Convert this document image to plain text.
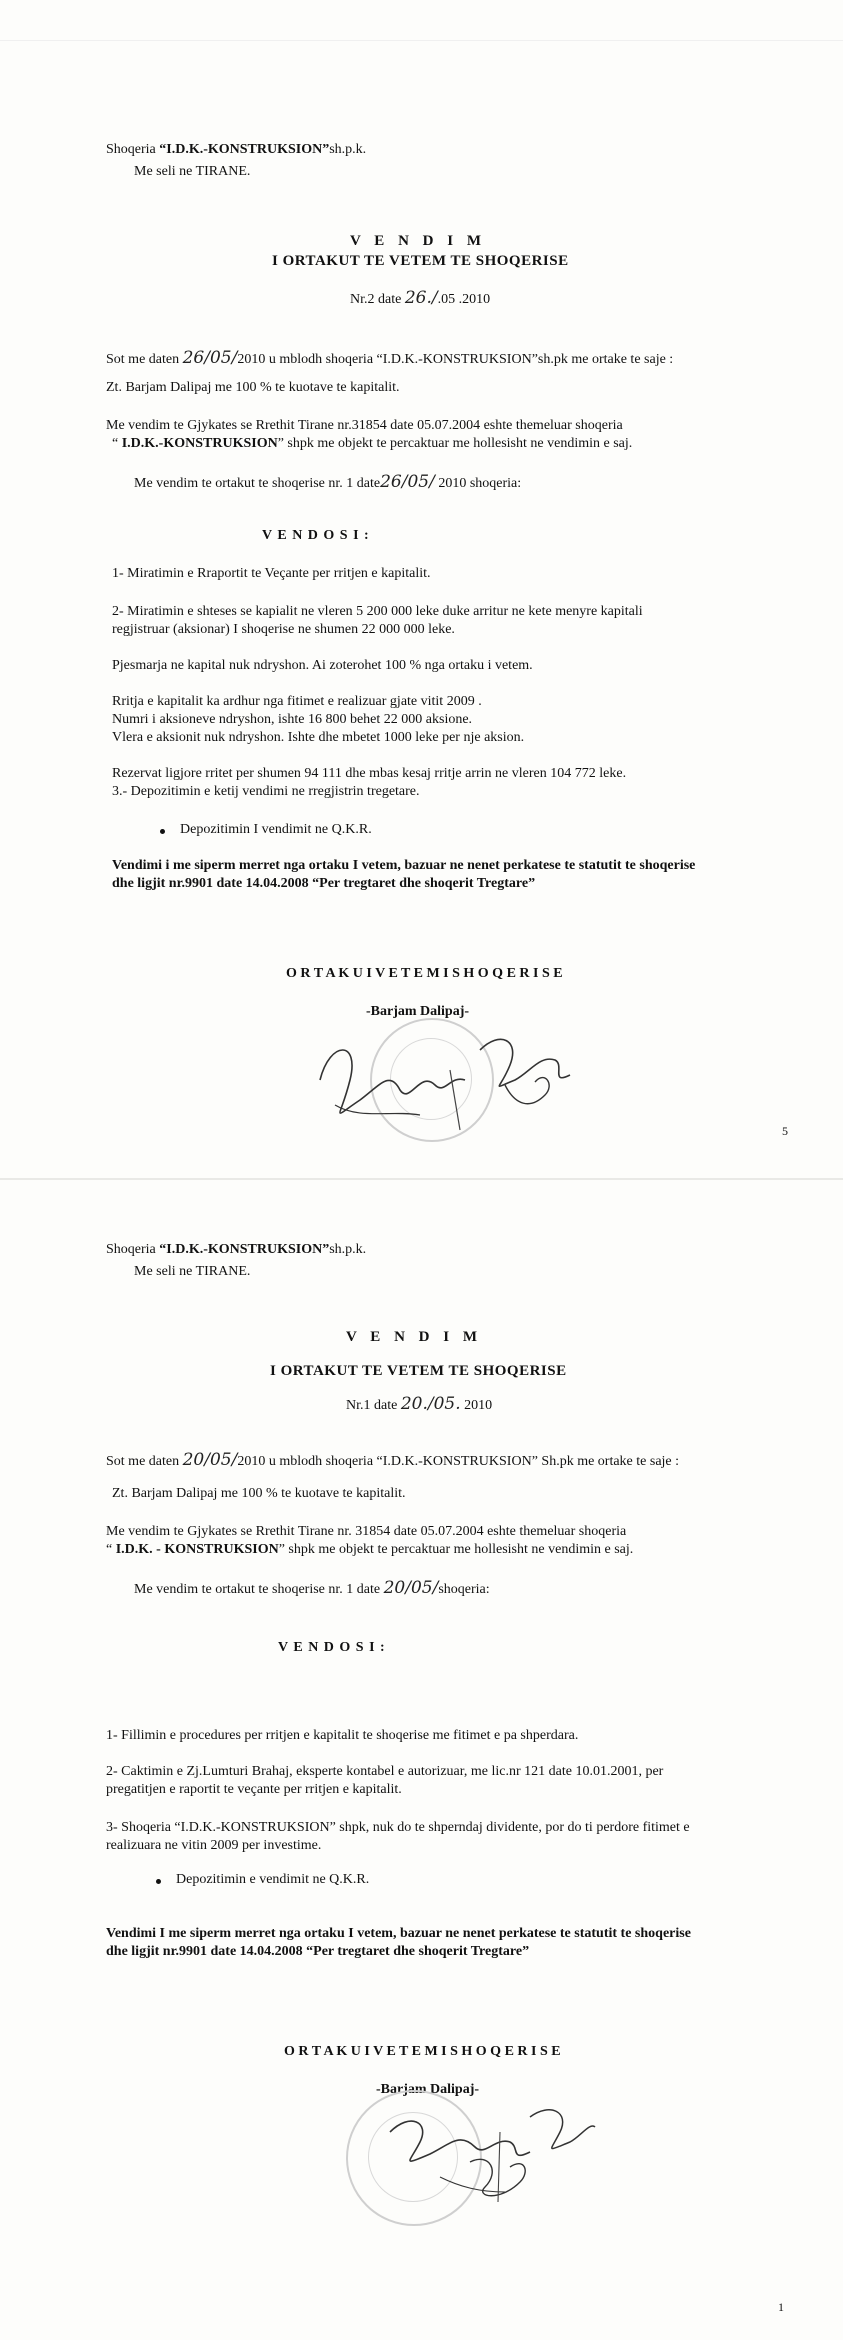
Shoqeria “I.D.K.-KONSTRUKSION”sh.p.k.
Me seli ne TIRANE.
V E N D I M
I ORTAKUT TE VETEM TE SHOQERISE
Nr.2 date 26./.05 .2010
Sot me daten 26/05/2010 u mblodh shoqeria “I.D.K.-KONSTRUKSION”sh.pk me ortake te saje :
Zt. Barjam Dalipaj me 100 % te kuotave te kapitalit.
Me vendim te Gjykates se Rrethit Tirane nr.31854 date 05.07.2004 eshte themeluar shoqeria
“ I.D.K.-KONSTRUKSION” shpk me objekt te percaktuar me hollesisht ne vendimin e saj.
Me vendim te ortakut te shoqerise nr. 1 date26/05/ 2010 shoqeria:
V E N D O S I :
1- Miratimin e Rraportit te Veçante per rritjen e kapitalit.
2- Miratimin e shteses se kapialit ne vleren 5 200 000 leke duke arritur ne kete menyre kapitali
regjistruar (aksionar) I shoqerise ne shumen 22 000 000 leke.
Pjesmarja ne kapital nuk ndryshon. Ai zoterohet 100 % nga ortaku i vetem.
Rritja e kapitalit ka ardhur nga fitimet e realizuar gjate vitit 2009 .
Numri i aksioneve ndryshon, ishte 16 800 behet 22 000 aksione.
Vlera e aksionit nuk ndryshon. Ishte dhe mbetet 1000 leke per nje aksion.
Rezervat ligjore rritet per shumen 94 111 dhe mbas kesaj rritje arrin ne vleren 104 772 leke.
3.- Depozitimin e ketij vendimi ne rregjistrin tregetare.
Depozitimin I vendimit ne Q.K.R.
Vendimi i me siperm merret nga ortaku I vetem, bazuar ne nenet perkatese te statutit te shoqerise
dhe ligjit nr.9901 date 14.04.2008 “Per tregtaret dhe shoqerit Tregtare”
O R T A K U I V E T E M I S H O Q E R I S E
-Barjam Dalipaj-
5
Shoqeria “I.D.K.-KONSTRUKSION”sh.p.k.
Me seli ne TIRANE.
V E N D I M
I ORTAKUT TE VETEM TE SHOQERISE
Nr.1 date 20./05. 2010
Sot me daten 20/05/2010 u mblodh shoqeria “I.D.K.-KONSTRUKSION” Sh.pk me ortake te saje :
Zt. Barjam Dalipaj me 100 % te kuotave te kapitalit.
Me vendim te Gjykates se Rrethit Tirane nr. 31854 date 05.07.2004 eshte themeluar shoqeria
“ I.D.K. - KONSTRUKSION” shpk me objekt te percaktuar me hollesisht ne vendimin e saj.
Me vendim te ortakut te shoqerise nr. 1 date 20/05/shoqeria:
V E N D O S I :
1- Fillimin e procedures per rritjen e kapitalit te shoqerise me fitimet e pa shperdara.
2- Caktimin e Zj.Lumturi Brahaj, eksperte kontabel e autorizuar, me lic.nr 121 date 10.01.2001, per
pregatitjen e raportit te veçante per rritjen e kapitalit.
3- Shoqeria “I.D.K.-KONSTRUKSION” shpk, nuk do te shperndaj dividente, por do ti perdore fitimet e
realizuara ne vitin 2009 per investime.
Depozitimin e vendimit ne Q.K.R.
Vendimi I me siperm merret nga ortaku I vetem, bazuar ne nenet perkatese te statutit te shoqerise
dhe ligjit nr.9901 date 14.04.2008 “Per tregtaret dhe shoqerit Tregtare”
O R T A K U I V E T E M I S H O Q E R I S E
-Barjam Dalipaj-
1
